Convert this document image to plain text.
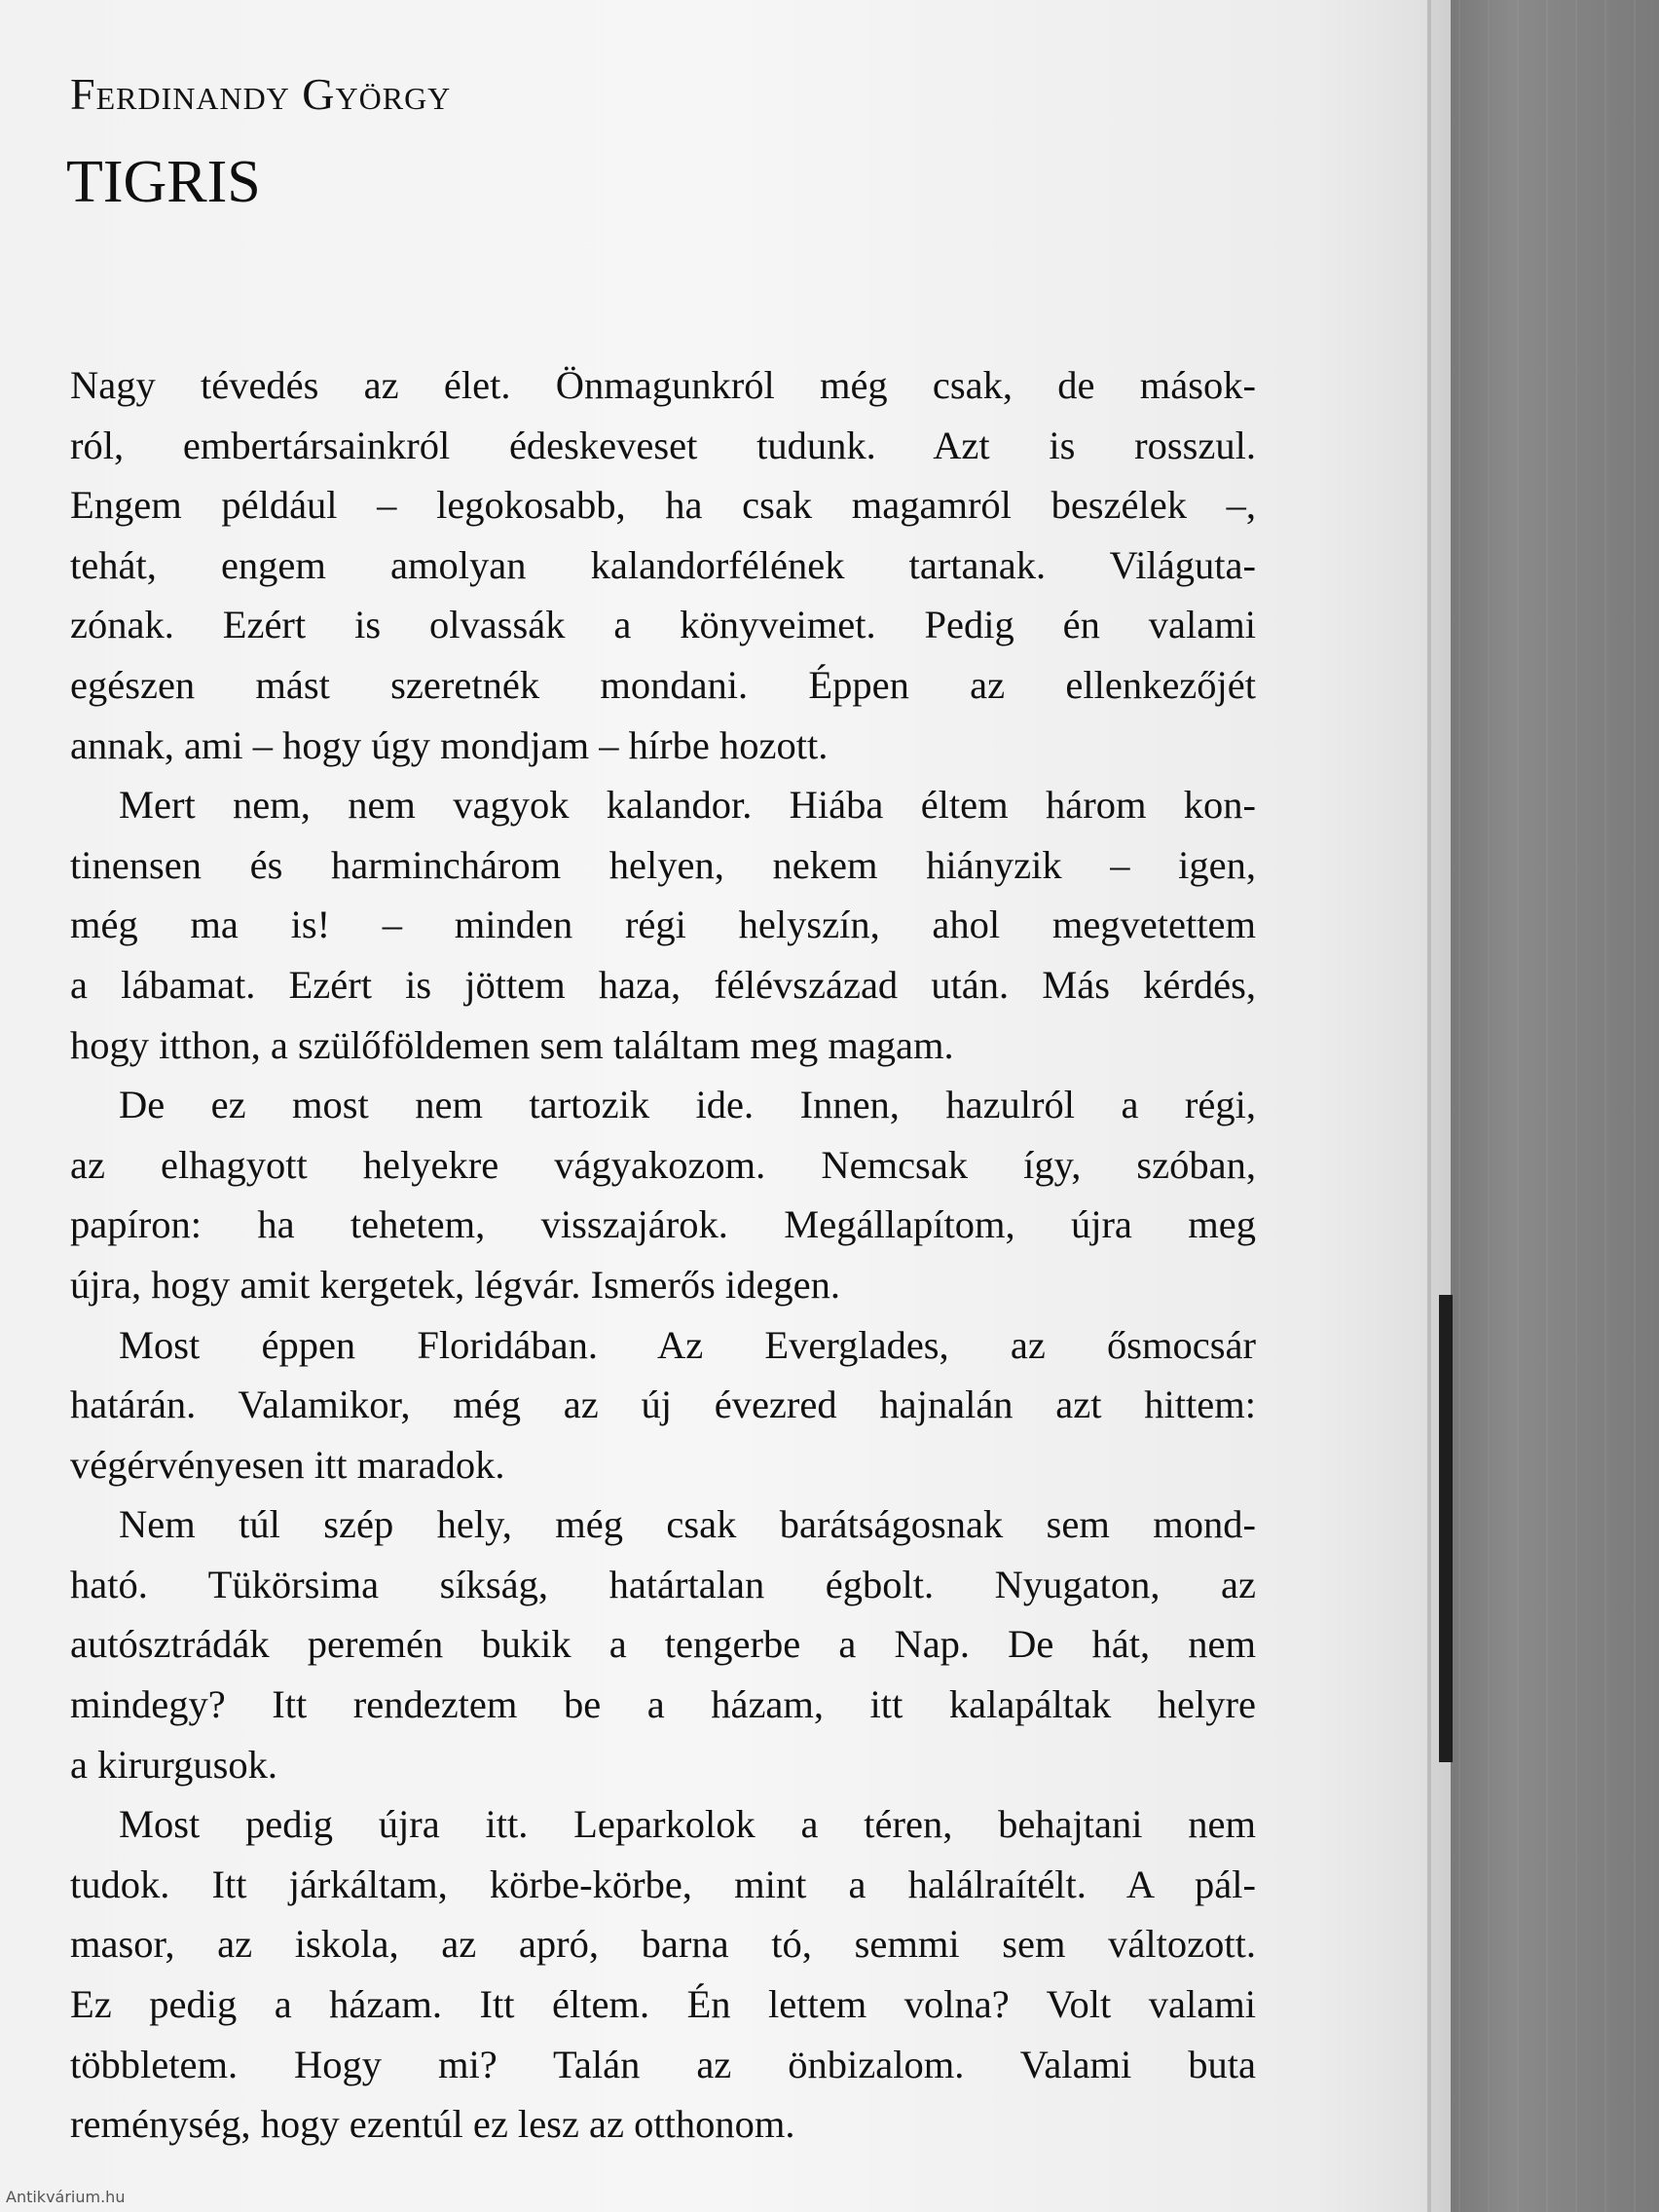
Ferdinandy György
TIGRIS
Nagy tévedés az élet. Önmagunkról még csak, de mások-
ról, embertársainkról édeskeveset tudunk. Azt is rosszul.
Engem például – legokosabb, ha csak magamról beszélek –,
tehát, engem amolyan kalandorfélének tartanak. Világuta-
zónak. Ezért is olvassák a könyveimet. Pedig én valami
egészen mást szeretnék mondani. Éppen az ellenkezőjét
annak, ami – hogy úgy mondjam – hírbe hozott.
Mert nem, nem vagyok kalandor. Hiába éltem három kon-
tinensen és harminchárom helyen, nekem hiányzik – igen,
még ma is! – minden régi helyszín, ahol megvetettem
a lábamat. Ezért is jöttem haza, félévszázad után. Más kérdés,
hogy itthon, a szülőföldemen sem találtam meg magam.
De ez most nem tartozik ide. Innen, hazulról a régi,
az elhagyott helyekre vágyakozom. Nemcsak így, szóban,
papíron: ha tehetem, visszajárok. Megállapítom, újra meg
újra, hogy amit kergetek, légvár. Ismerős idegen.
Most éppen Floridában. Az Everglades, az ősmocsár
határán. Valamikor, még az új évezred hajnalán azt hittem:
végérvényesen itt maradok.
Nem túl szép hely, még csak barátságosnak sem mond-
ható. Tükörsima síkság, határtalan égbolt. Nyugaton, az
autósztrádák peremén bukik a tengerbe a Nap. De hát, nem
mindegy? Itt rendeztem be a házam, itt kalapáltak helyre
a kirurgusok.
Most pedig újra itt. Leparkolok a téren, behajtani nem
tudok. Itt járkáltam, körbe-körbe, mint a halálraítélt. A pál-
masor, az iskola, az apró, barna tó, semmi sem változott.
Ez pedig a házam. Itt éltem. Én lettem volna? Volt valami
többletem. Hogy mi? Talán az önbizalom. Valami buta
reménység, hogy ezentúl ez lesz az otthonom.
Antikvárium.hu
